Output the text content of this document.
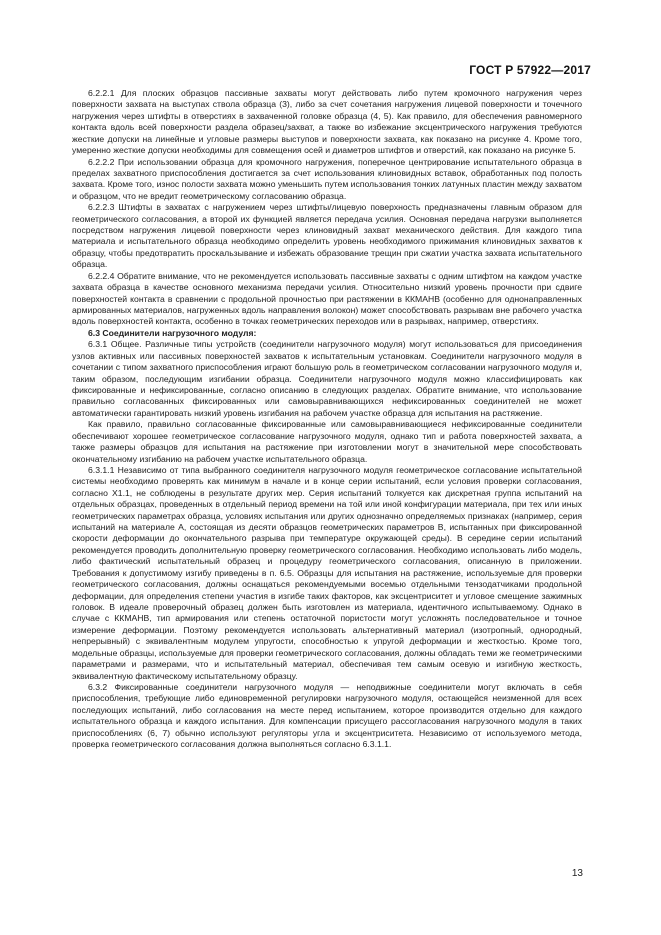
ГОСТ Р 57922—2017

6.2.2.1 Для плоских образцов пассивные захваты могут действовать либо путем кромочного нагружения через поверхности захвата на выступах ствола образца (3), либо за счет сочетания нагружения лицевой поверхности и точечного нагружения через штифты в отверстиях в захваченной головке образца (4, 5). Как правило, для обеспечения равномерного контакта вдоль всей поверхности раздела образец/захват, а также во избежание эксцентрического нагружения требуются жесткие допуски на линейные и угловые размеры выступов и поверхности захвата, как показано на рисунке 4. Кроме того, умеренно жесткие допуски необходимы для совмещения осей и диаметров штифтов и отверстий, как показано на рисунке 5.

6.2.2.2 При использовании образца для кромочного нагружения, поперечное центрирование испытательного образца в пределах захватного приспособления достигается за счет использования клиновидных вставок, обработанных под полость захвата. Кроме того, износ полости захвата можно уменьшить путем использования тонких латунных пластин между захватом и образцом, что не вредит геометрическому согласованию образца.

6.2.2.3 Штифты в захватах с нагружением через штифты/лицевую поверхность предназначены главным образом для геометрического согласования, а второй их функцией является передача усилия. Основная передача нагрузки выполняется посредством нагружения лицевой поверхности через клиновидный захват механического действия. Для каждого типа материала и испытательного образца необходимо определить уровень необходимого прижимания клиновидных захватов к образцу, чтобы предотвратить проскальзывание и избежать образование трещин при сжатии участка захвата испытательного образца.

6.2.2.4 Обратите внимание, что не рекомендуется использовать пассивные захваты с одним штифтом на каждом участке захвата образца в качестве основного механизма передачи усилия. Относительно низкий уровень прочности при сдвиге поверхностей контакта в сравнении с продольной прочностью при растяжении в ККМАНВ (особенно для однонаправленных армированных материалов, нагруженных вдоль направления волокон) может способствовать разрывам вне рабочего участка вдоль поверхностей контакта, особенно в точках геометрических переходов или в разрывах, например, отверстиях.

6.3 Соединители нагрузочного модуля:

6.3.1 Общее. Различные типы устройств (соединители нагрузочного модуля) могут использоваться для присоединения узлов активных или пассивных поверхностей захватов к испытательным установкам. Соединители нагрузочного модуля в сочетании с типом захватного приспособления играют большую роль в геометрическом согласовании нагрузочного модуля и, таким образом, последующим изгибании образца. Соединители нагрузочного модуля можно классифицировать как фиксированные и нефиксированные, согласно описанию в следующих разделах. Обратите внимание, что использование правильно согласованных фиксированных или самовыравнивающихся нефиксированных соединителей не может автоматически гарантировать низкий уровень изгибания на рабочем участке образца для испытания на растяжение.

Как правило, правильно согласованные фиксированные или самовыравнивающиеся нефиксированные соединители обеспечивают хорошее геометрическое согласование нагрузочного модуля, однако тип и работа поверхностей захвата, а также размеры образцов для испытания на растяжение при изготовлении могут в значительной мере способствовать окончательному изгибанию на рабочем участке испытательного образца.

6.3.1.1 Независимо от типа выбранного соединителя нагрузочного модуля геометрическое согласование испытательной системы необходимо проверять как минимум в начале и в конце серии испытаний, если условия проверки согласования, согласно X1.1, не соблюдены в результате других мер. Серия испытаний толкуется как дискретная группа испытаний на отдельных образцах, проведенных в отдельный период времени на той или иной конфигурации материала, при тех или иных геометрических параметрах образца, условиях испытания или других однозначно определяемых признаках (например, серия испытаний на материале А, состоящая из десяти образцов геометрических параметров В, испытанных при фиксированной скорости деформации до окончательного разрыва при температуре окружающей среды). В середине серии испытаний рекомендуется проводить дополнительную проверку геометрического согласования. Необходимо использовать либо модель, либо фактический испытательный образец и процедуру геометрического согласования, описанную в приложении. Требования к допустимому изгибу приведены в п. 6.5. Образцы для испытания на растяжение, используемые для проверки геометрического согласования, должны оснащаться рекомендуемыми восемью отдельными тензодатчиками продольной деформации, для определения степени участия в изгибе таких факторов, как эксцентриситет и угловое смещение зажимных головок. В идеале проверочный образец должен быть изготовлен из материала, идентичного испытываемому. Однако в случае с ККМАНВ, тип армирования или степень остаточной пористости могут усложнять последовательное и точное измерение деформации. Поэтому рекомендуется использовать альтернативный материал (изотропный, однородный, непрерывный) с эквивалентным модулем упругости, способностью к упругой деформации и жесткостью. Кроме того, модельные образцы, используемые для проверки геометрического согласования, должны обладать теми же геометрическими параметрами и размерами, что и испытательный материал, обеспечивая тем самым осевую и изгибную жесткость, эквивалентную фактическому испытательному образцу.

6.3.2 Фиксированные соединители нагрузочного модуля — неподвижные соединители могут включать в себя приспособления, требующие либо единовременной регулировки нагрузочного модуля, остающейся неизменной для всех последующих испытаний, либо согласования на месте перед испытанием, которое производится отдельно для каждого испытательного образца и каждого испытания. Для компенсации присущего рассогласования нагрузочного модуля в таких приспособлениях (6, 7) обычно используют регуляторы угла и эксцентриситета. Независимо от используемого метода, проверка геометрического согласования должна выполняться согласно 6.3.1.1.

13
